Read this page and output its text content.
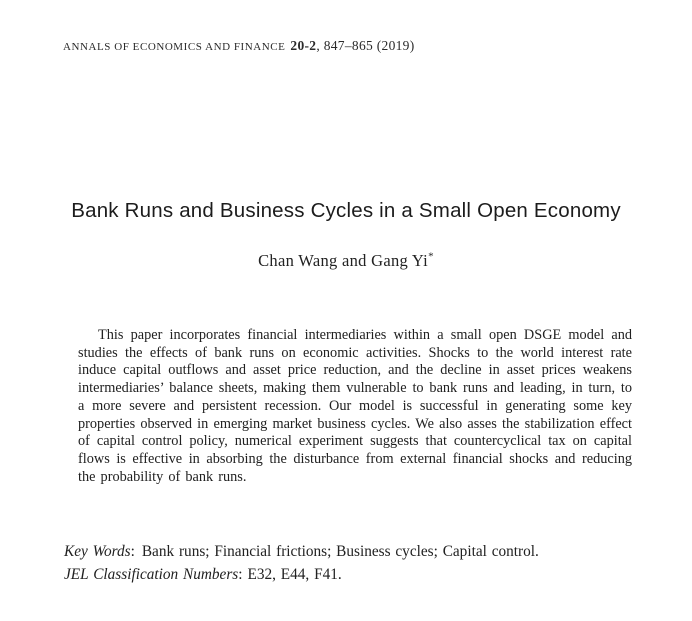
ANNALS OF ECONOMICS AND FINANCE 20-2, 847–865 (2019)
Bank Runs and Business Cycles in a Small Open Economy
Chan Wang and Gang Yi*

This paper incorporates financial intermediaries within a small open DSGE model and studies the effects of bank runs on economic activities. Shocks to the world interest rate induce capital outflows and asset price reduction, and the decline in asset prices weakens intermediaries’ balance sheets, making them vulnerable to bank runs and leading, in turn, to a more severe and persistent recession. Our model is successful in generating some key properties observed in emerging market business cycles. We also asses the stabilization effect of capital control policy, numerical experiment suggests that countercyclical tax on capital flows is effective in absorbing the disturbance from external financial shocks and reducing the probability of bank runs.

Key Words: Bank runs; Financial frictions; Business cycles; Capital control.
JEL Classification Numbers: E32, E44, F41.
